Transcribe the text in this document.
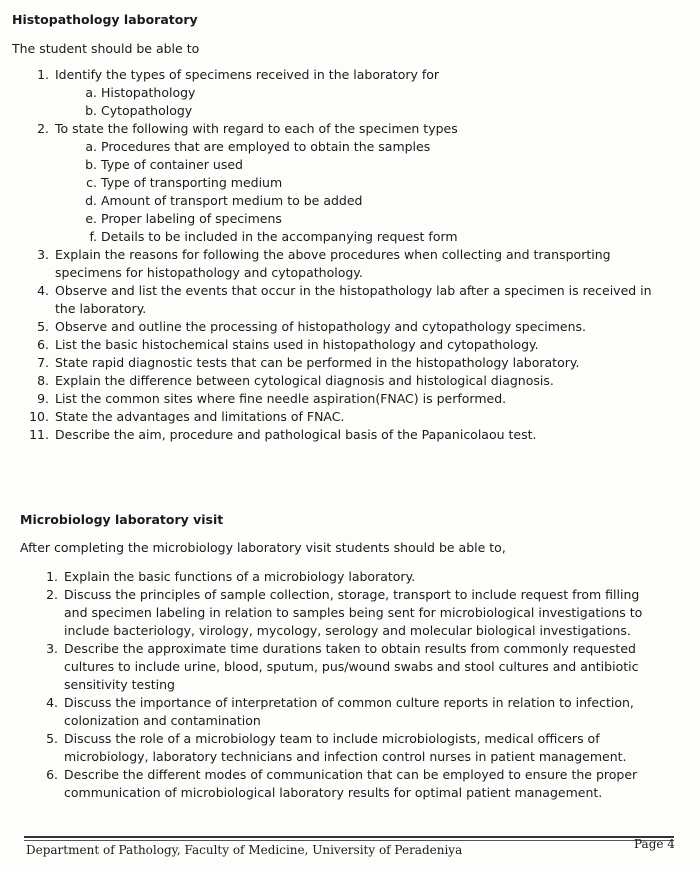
Histopathology laboratory

The student should be able to

1. Identify the types of specimens received in the laboratory for
a. Histopathology
b. Cytopathology
2. To state the following with regard to each of the specimen types
a. Procedures that are employed to obtain the samples
b. Type of container used
c. Type of transporting medium
d. Amount of transport medium to be added
e. Proper labeling of specimens
f. Details to be included in the accompanying request form
3. Explain the reasons for following the above procedures when collecting and transporting specimens for histopathology and cytopathology.
4. Observe and list the events that occur in the histopathology lab after a specimen is received in the laboratory.
5. Observe and outline the processing of histopathology and cytopathology specimens.
6. List the basic histochemical stains used in histopathology and cytopathology.
7. State rapid diagnostic tests that can be performed in the histopathology laboratory.
8. Explain the difference between cytological diagnosis and histological diagnosis.
9. List the common sites where fine needle aspiration(FNAC) is performed.
10. State the advantages and limitations of FNAC.
11. Describe the aim, procedure and pathological basis of the Papanicolaou test.
Microbiology laboratory visit

After completing the microbiology laboratory visit students should be able to,

1. Explain the basic functions of a microbiology laboratory.
2. Discuss the principles of sample collection, storage, transport to include request from filling and specimen labeling in relation to samples being sent for microbiological investigations to include bacteriology, virology, mycology, serology and molecular biological investigations.
3. Describe the approximate time durations taken to obtain results from commonly requested cultures to include urine, blood, sputum, pus/wound swabs and stool cultures and antibiotic sensitivity testing
4. Discuss the importance of interpretation of common culture reports in relation to infection, colonization and contamination
5. Discuss the role of a microbiology team to include microbiologists, medical officers of microbiology, laboratory technicians and infection control nurses in patient management.
6. Describe the different modes of communication that can be employed to ensure the proper communication of microbiological laboratory results for optimal patient management.
Department of Pathology, Faculty of Medicine, University of Peradeniya	Page 4
